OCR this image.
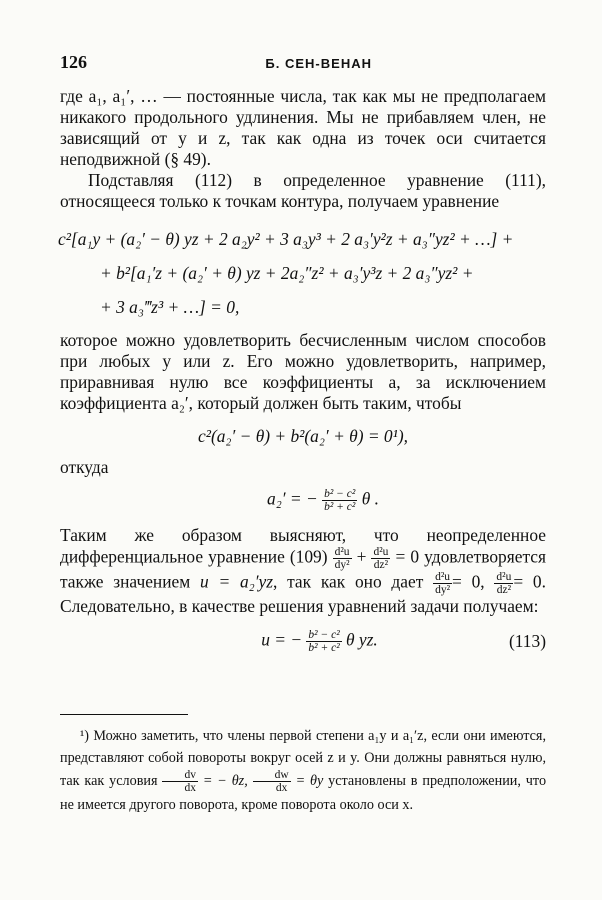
126	Б. СЕН-ВЕНАН

где a₁, a₁′, … — постоянные числа, так как мы не предполагаем никакого продольного удлинения. Мы не прибавляем член, не зависящий от y и z, так как одна из точек оси считается неподвижной (§ 49).

Подставляя (112) в определенное уравнение (111), относящееся только к точкам контура, получаем уравнение

c²[a₁y + (a₂′ − θ) yz + 2 a₂y² + 3 a₃y³ + 2 a₃′y²z + a₃″yz² + …] +
+ b²[a₁′z + (a₂′ + θ) yz + 2a₂″z² + a₃′y³z + 2 a₃″yz² +
+ 3 a₃‴z³ + …] = 0,

которое можно удовлетворить бесчисленным числом способов при любых y или z. Его можно удовлетворить, например, приравнивая нулю все коэффициенты a, за исключением коэффициента a₂′, который должен быть таким, чтобы

c²(a₂′ − θ) + b²(a₂′ + θ) = 0¹),

откуда

a₂′ = − $\frac{\text{b² − c²}}{\text{b² + c²}}$ θ .

Таким же образом выясняют, что неопределенное дифференциальное уравнение $(109) \frac{\text{d²u}}{\text{dy²}} + \frac{\text{d²u}}{\text{dz²}} = 0$ удовлетворяется также значением u = a₂′yz, так как оно дает $\frac{\text{d²u}}{\text{dy²}} = 0$, $\frac{\text{d²u}}{\text{dz²}} = 0$. Следовательно, в качестве решения уравнений задачи получаем:

u = − $\frac{\text{b² − c²}}{\text{b² + c²}}$ θ yz.	(113)
¹) Можно заметить, что члены первой степени a₁y и a₁′z, если они имеются, представляют собой повороты вокруг осей z и y. Они должны равняться нулю, так как условия $\frac{dv}{dx}$ = − θz, $\frac{dw}{dx} = \theta y$ установлены в предположении, что не имеется другого поворота, кроме поворота около оси x.
